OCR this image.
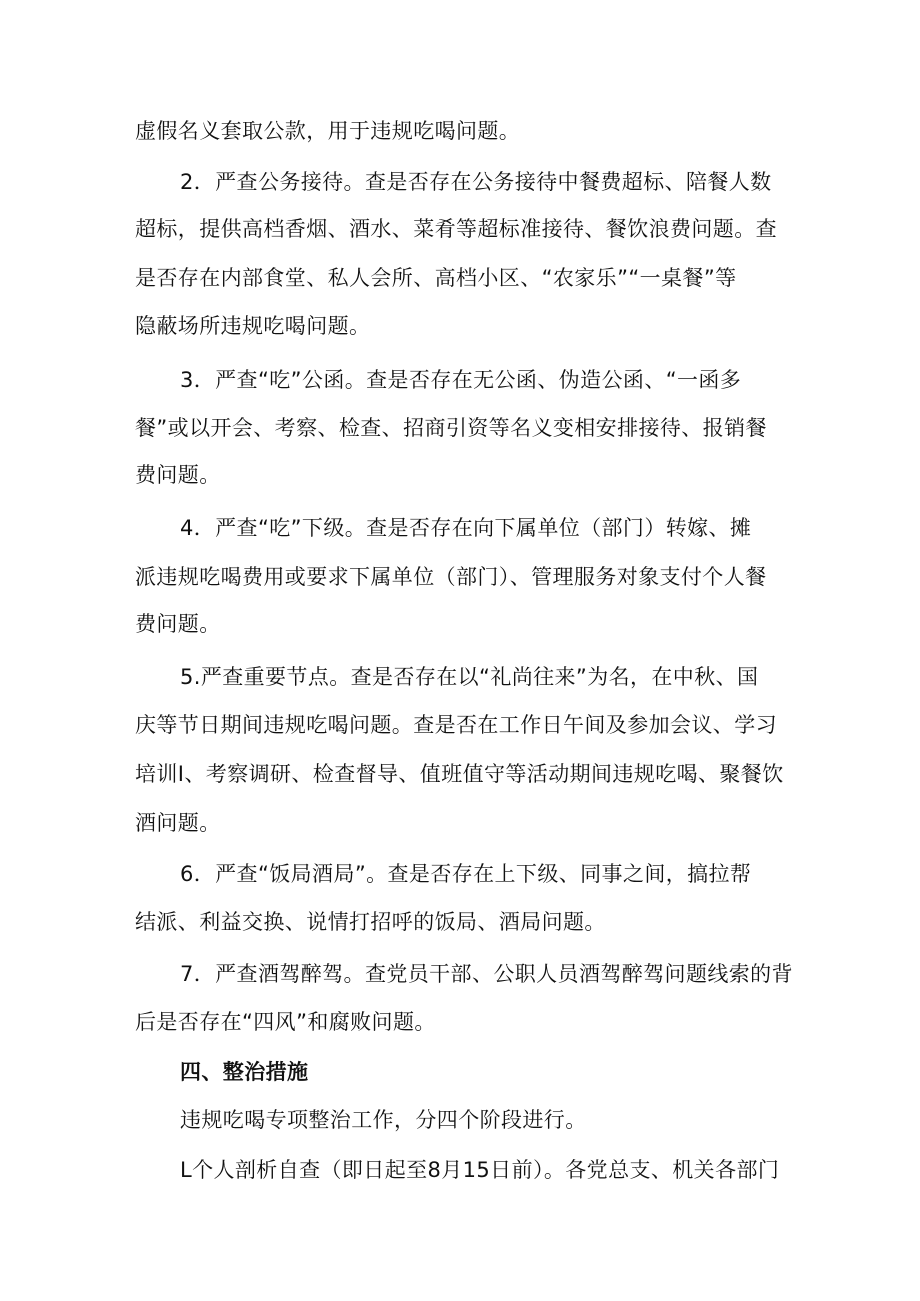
虚假名义套取公款，用于违规吃喝问题。
2．严查公务接待。查是否存在公务接待中餐费超标、陪餐人数
超标，提供高档香烟、酒水、菜肴等超标准接待、餐饮浪费问题。查
是否存在内部食堂、私人会所、高档小区、“农家乐”“一桌餐”等
隐蔽场所违规吃喝问题。
3．严查“吃”公函。查是否存在无公函、伪造公函、“一函多
餐”或以开会、考察、检查、招商引资等名义变相安排接待、报销餐
费问题。
4．严查“吃”下级。查是否存在向下属单位（部门）转嫁、摊
派违规吃喝费用或要求下属单位（部门）、管理服务对象支付个人餐
费问题。
5.严查重要节点。查是否存在以“礼尚往来”为名，在中秋、国
庆等节日期间违规吃喝问题。查是否在工作日午间及参加会议、学习
培训I、考察调研、检查督导、值班值守等活动期间违规吃喝、聚餐饮
酒问题。
6．严查“饭局酒局”。查是否存在上下级、同事之间，搞拉帮
结派、利益交换、说情打招呼的饭局、酒局问题。
7．严查酒驾醉驾。查党员干部、公职人员酒驾醉驾问题线索的背
后是否存在“四风”和腐败问题。
四、整治措施
违规吃喝专项整治工作，分四个阶段进行。
L个人剖析自查（即日起至8月15日前）。各党总支、机关各部门
